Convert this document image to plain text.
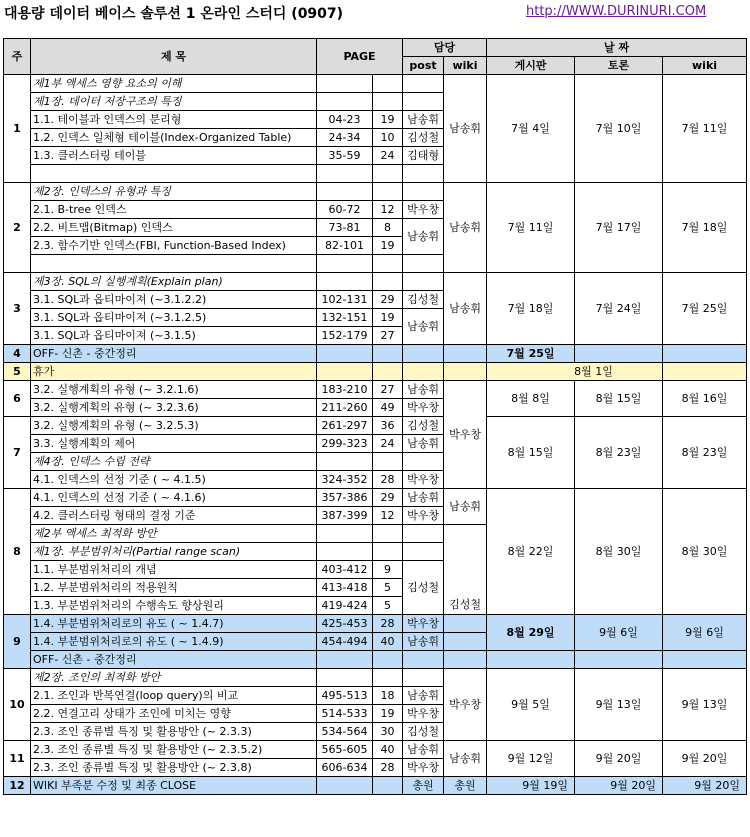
대용량 데이터 베이스 솔루션 1 온라인 스터디 (0907)	http://WWW.DURINURI.COM
주	제 목	PAGE		담당		날 짜		
				post	wiki	게시판	토론	wiki
1	제1부 액세스 영향 요소의 이해				남송휘	7월 4일	7월 10일	7월 11일
	제1장. 데이터 저장구조의 특징							
	1.1. 테이블과 인덱스의 분리형	04-23	19	남송휘				
	1.2. 인덱스 일체형 테이블(Index-Organized Table)	24-34	10	김성철				
	1.3. 클러스터링 테이블	35-59	24	김태형				

2	제2장. 인덱스의 유형과 특징				남송휘	7월 11일	7월 17일	7월 18일
	2.1. B-tree 인덱스	60-72	12	박우창				
	2.2. 비트맵(Bitmap) 인덱스	73-81	8	남송휘				
	2.3. 함수기반 인덱스(FBI, Function-Based Index)	82-101	19					

3	제3장. SQL의 실행계획(Explain plan)				남송휘	7월 18일	7월 24일	7월 25일
	3.1. SQL과 옵티마이져 (~3.1.2.2)	102-131	29	김성철				
	3.1. SQL과 옵티마이져 (~3.1.2.5)	132-151	19	남송휘				
	3.1. SQL과 옵티마이져 (~3.1.5)	152-179	27					
4	OFF- 신촌 - 중간정리					7월 25일		
5	휴가					8월 1일		
6	3.2. 실행계획의 유형 (~ 3.2.1.6)	183-210	27	남송휘	박우창	8월 8일	8월 15일	8월 16일
	3.2. 실행계획의 유형 (~ 3.2.3.6)	211-260	49	박우창				
7	3.2. 실행계획의 유형 (~ 3.2.5.3)	261-297	36	김성철		8월 15일	8월 23일	8월 23일
	3.3. 실행계획의 제어	299-323	24	남송휘				
	제4장. 인덱스 수립 전략							
	4.1. 인덱스의 선정 기준 ( ~ 4.1.5)	324-352	28	박우창				
8	4.1. 인덱스의 선정 기준 ( ~ 4.1.6)	357-386	29	남송휘	남송휘	8월 22일	8월 30일	8월 30일
	4.2. 클러스터링 형태의 결정 기준	387-399	12	박우창				
	제2부 액세스 최적화 방안				김성철			
	제1장. 부분범위처리(Partial range scan)							
	1.1. 부분범위처리의 개념	403-412	9	김성철				
	1.2. 부분범위처리의 적용원칙	413-418	5					
	1.3. 부분범위처리의 수행속도 향상원리	419-424	5					
9	1.4. 부분범위처리로의 유도 ( ~ 1.4.7)	425-453	28	박우창		8월 29일	9월 6일	9월 6일
	1.4. 부분범위처리로의 유도 ( ~ 1.4.9)	454-494	40	남송휘				
	OFF- 신촌 - 중간정리							
10	제2장. 조인의 최적화 방안				박우창	9월 5일	9월 13일	9월 13일
	2.1. 조인과 반복연결(loop query)의 비교	495-513	18	남송휘				
	2.2. 연결고리 상태가 조인에 미치는 영향	514-533	19	박우창				
	2.3. 조인 종류별 특징 및 활용방안 (~ 2.3.3)	534-564	30	김성철				
11	2.3. 조인 종류별 특징 및 활용방안 (~ 2.3.5.2)	565-605	40	남송휘	남송휘	9월 12일	9월 20일	9월 20일
	2.3. 조인 종류별 특징 및 활용방안 (~ 2.3.8)	606-634	28	박우창				
12	WIKI 부족분 수정 및 최종 CLOSE			총원	총원	9월 19일	9월 20일	9월 20일
